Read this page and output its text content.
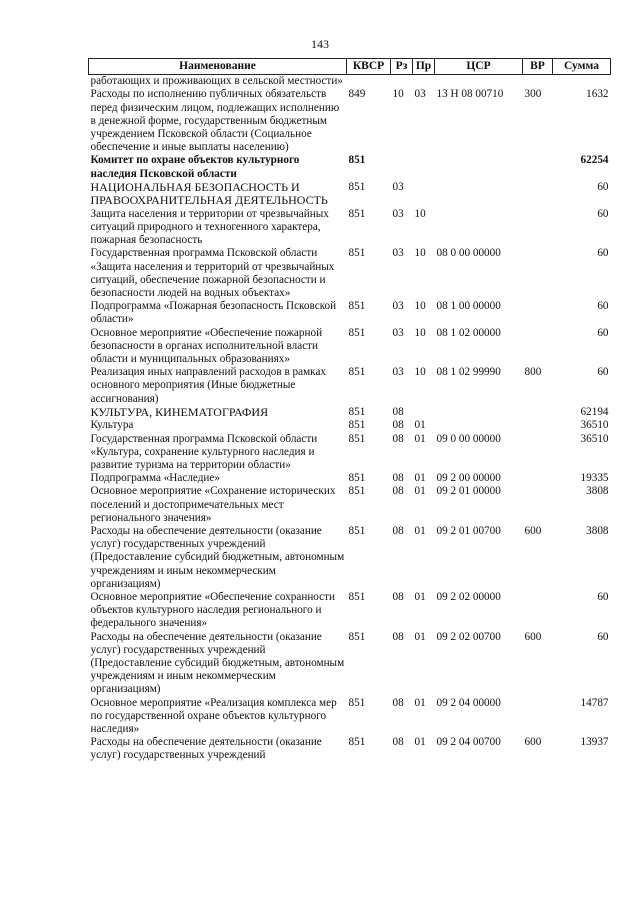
143
Наименование	КВСР	Рз	Пр	ЦСР	ВР	Сумма
работающих и проживающих в сельской местности»						
Расходы по исполнению публичных обязательств перед физическим лицом, подлежащих исполнению в денежной форме, государственным бюджетным учреждением Псковской области (Социальное обеспечение и иные выплаты населению)	849	10	03	13 Н 08 00710	300	1632
Комитет по охране объектов культурного наследия Псковской области	851					62254
НАЦИОНАЛЬНАЯ БЕЗОПАСНОСТЬ И ПРАВООХРАНИТЕЛЬНАЯ ДЕЯТЕЛЬНОСТЬ	851	03				60
Защита населения и территории от чрезвычайных ситуаций природного и техногенного характера, пожарная безопасность	851	03	10			60
Государственная программа Псковской области «Защита населения и территорий от чрезвычайных ситуаций, обеспечение пожарной безопасности и безопасности людей на водных объектах»	851	03	10	08 0 00 00000		60
Подпрограмма «Пожарная безопасность Псковской области»	851	03	10	08 1 00 00000		60
Основное мероприятие «Обеспечение пожарной безопасности в органах исполнительной власти области и муниципальных образованиях»	851	03	10	08 1 02 00000		60
Реализация иных направлений расходов в рамках основного мероприятия (Иные бюджетные ассигнования)	851	03	10	08 1 02 99990	800	60
КУЛЬТУРА, КИНЕМАТОГРАФИЯ	851	08				62194
Культура	851	08	01			36510
Государственная программа Псковской области «Культура, сохранение культурного наследия и развитие туризма на территории области»	851	08	01	09 0 00 00000		36510
Подпрограмма «Наследие»	851	08	01	09 2 00 00000		19335
Основное мероприятие «Сохранение исторических поселений и достопримечательных мест регионального значения»	851	08	01	09 2 01 00000		3808
Расходы на обеспечение деятельности (оказание услуг) государственных учреждений (Предоставление субсидий бюджетным, автономным учреждениям и иным некоммерческим организациям)	851	08	01	09 2 01 00700	600	3808
Основное мероприятие «Обеспечение сохранности объектов культурного наследия регионального и федерального значения»	851	08	01	09 2 02 00000		60
Расходы на обеспечение деятельности (оказание услуг) государственных учреждений (Предоставление субсидий бюджетным, автономным учреждениям и иным некоммерческим организациям)	851	08	01	09 2 02 00700	600	60
Основное мероприятие «Реализация комплекса мер по государственной охране объектов культурного наследия»	851	08	01	09 2 04 00000		14787
Расходы на обеспечение деятельности (оказание услуг) государственных учреждений	851	08	01	09 2 04 00700	600	13937
